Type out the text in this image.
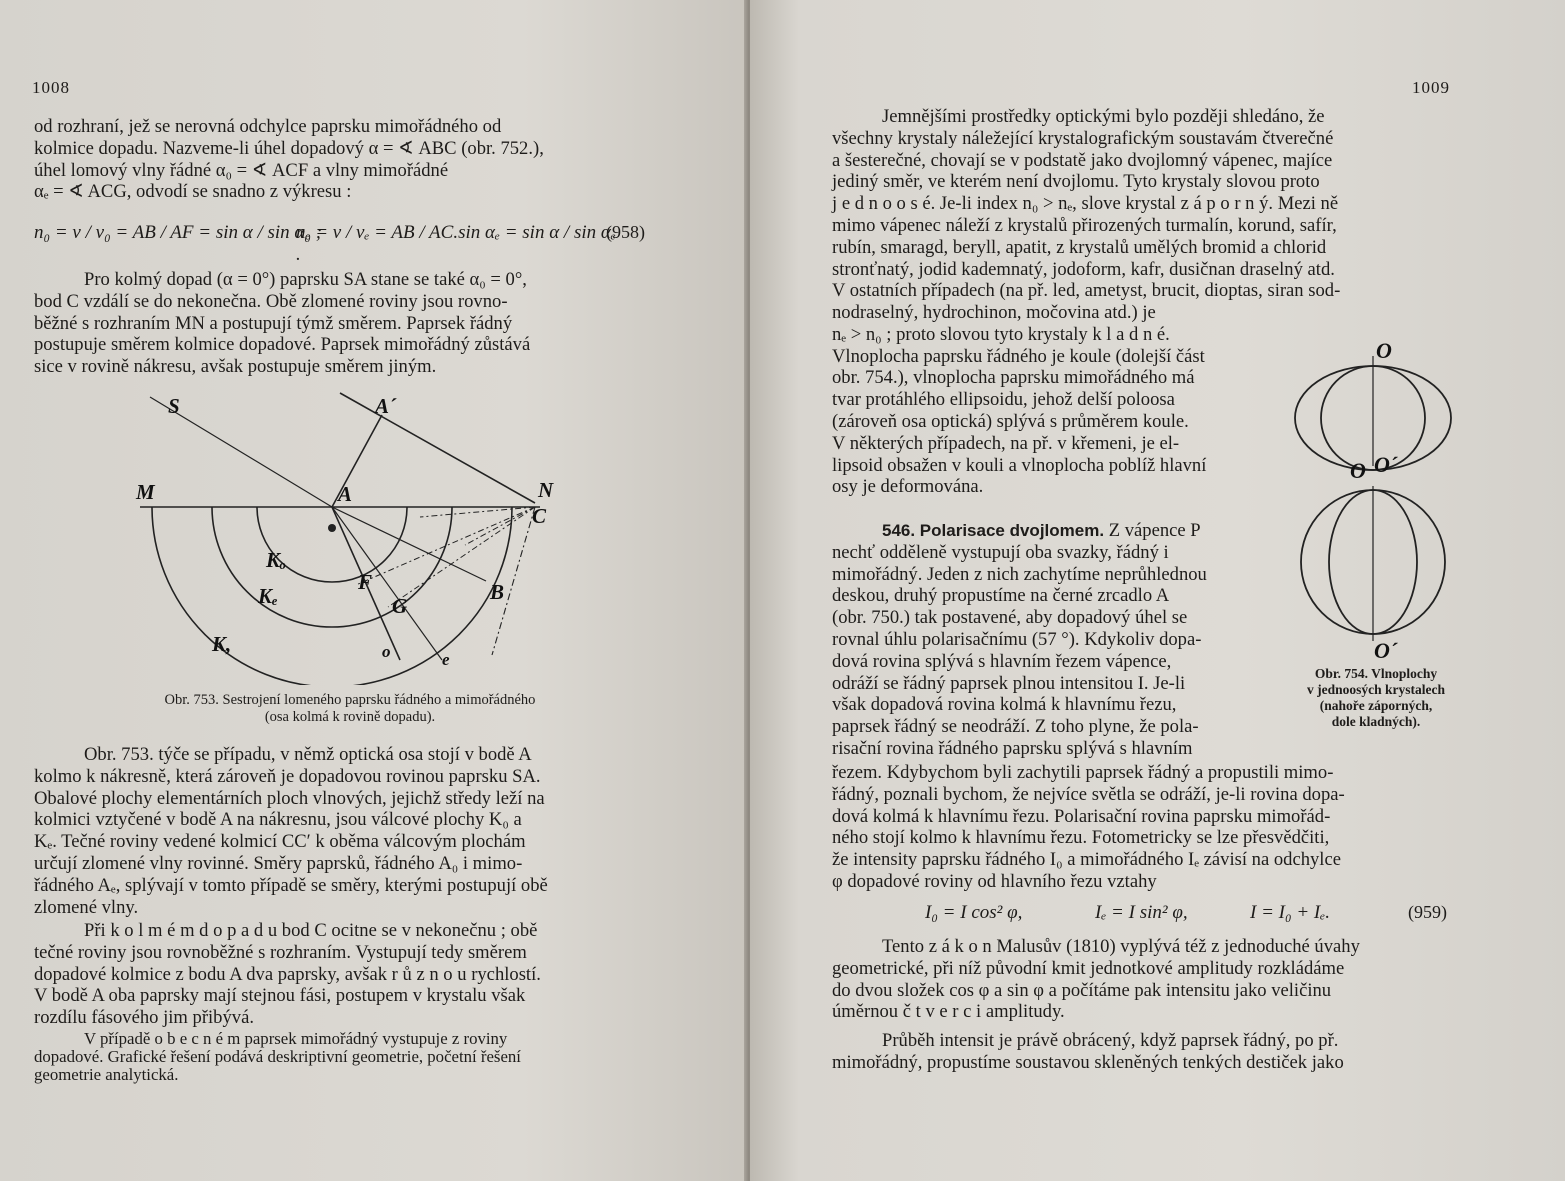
1008

od rozhraní, jež se nerovná odchylce paprsku mimořádného od

kolmice dopadu. Nazveme-li úhel dopadový α = ∢ ABC (obr. 752.),

úhel lomový vlny řádné α₀ = ∢ ACF a vlny mimořádné

αₑ = ∢ ACG, odvodí se snadno z výkresu :

n₀ = v / v₀ = AB / AF = sin α / sin α₀ ;
nₑ = v / vₑ = AB / AC.sin αₑ = sin α / sin αₑ .
(958)

Pro kolmý dopad (α = 0°) paprsku SA stane se také α₀ = 0°,

bod C vzdálí se do nekonečna. Obě zlomené roviny jsou rovno-

běžné s rozhraním MN a postupují týmž směrem. Paprsek řádný

postupuje směrem kolmice dopadové. Paprsek mimořádný zůstává

sice v rovině nákresu, avšak postupuje směrem jiným.

S	A´
M	A	N
C
B
F
G
o	e
Kₒ
Kₑ
K,
Obr. 753. Sestrojení lomeného paprsku řádného a mimořádného
(osa kolmá k rovině dopadu).

Obr. 753. týče se případu, v němž optická osa stojí v bodě A

kolmo k nákresně, která zároveň je dopadovou rovinou paprsku SA.

Obalové plochy elementárních ploch vlnových, jejichž středy leží na

kolmici vztyčené v bodě A na nákresnu, jsou válcové plochy K₀ a

Kₑ. Tečné roviny vedené kolmicí CC′ k oběma válcovým plochám

určují zlomené vlny rovinné. Směry paprsků, řádného A₀ i mimo-

řádného Aₑ, splývají v tomto případě se směry, kterými postupují obě

zlomené vlny.

Při k o l m é m d o p a d u bod C ocitne se v nekonečnu ; obě

tečné roviny jsou rovnoběžné s rozhraním. Vystupují tedy směrem

dopadové kolmice z bodu A dva paprsky, avšak r ů z n o u rychlostí.

V bodě A oba paprsky mají stejnou fási, postupem v krystalu však

rozdílu fásového jim přibývá.

V případě o b e c n é m paprsek mimořádný vystupuje z roviny

dopadové. Grafické řešení podává deskriptivní geometrie, početní řešení

geometrie analytická.

1009

Jemnějšími prostředky optickými bylo později shledáno, že

všechny krystaly náležející krystalografickým soustavám čtverečné

a šesterečné, chovají se v podstatě jako dvojlomný vápenec, majíce

jediný směr, ve kterém není dvojlomu. Tyto krystaly slovou proto

j e d n o o s é. Je-li index n₀ > nₑ, slove krystal z á p o r n ý. Mezi ně

mimo vápenec náleží z krystalů přirozených turmalín, korund, safír,

rubín, smaragd, beryll, apatit, z krystalů umělých bromid a chlorid

stronťnatý, jodid kademnatý, jodoform, kafr, dusičnan draselný atd.

V ostatních případech (na př. led, ametyst, brucit, dioptas, siran sod-

nodraselný, hydrochinon, močovina atd.) je

nₑ > n₀ ; proto slovou tyto krystaly k l a d n é.

Vlnoplocha paprsku řádného je koule (dolejší část

obr. 754.), vlnoplocha paprsku mimořádného má

tvar protáhlého ellipsoidu, jehož delší poloosa

(zároveň osa optická) splývá s průměrem koule.

V některých případech, na př. v křemeni, je el-

lipsoid obsažen v kouli a vlnoplocha poblíž hlavní

osy je deformována.

546. Polarisace dvojlomem. Z vápence P

nechť odděleně vystupují oba svazky, řádný i

mimořádný. Jeden z nich zachytíme neprůhlednou

deskou, druhý propustíme na černé zrcadlo A

(obr. 750.) tak postavené, aby dopadový úhel se

rovnal úhlu polarisačnímu (57 °). Kdykoliv dopa-

dová rovina splývá s hlavním řezem vápence,

odráží se řádný paprsek plnou intensitou I. Je-li

však dopadová rovina kolmá k hlavnímu řezu,

paprsek řádný se neodráží. Z toho plyne, že pola-

risační rovina řádného paprsku splývá s hlavním

O
O O´
O´
Obr. 754. Vlnoplochy
v jednoosých krystalech
(nahoře záporných,
dole kladných).

řezem. Kdybychom byli zachytili paprsek řádný a propustili mimo-

řádný, poznali bychom, že nejvíce světla se odráží, je-li rovina dopa-

dová kolmá k hlavnímu řezu. Polarisační rovina paprsku mimořád-

ného stojí kolmo k hlavnímu řezu. Fotometricky se lze přesvědčiti,

že intensity paprsku řádného I₀ a mimořádného Iₑ závisí na odchylce

φ dopadové roviny od hlavního řezu vztahy

I₀ = I cos² φ,	Iₑ = I sin² φ,	I = I₀ + Iₑ.	(959)

Tento z á k o n Malusův (1810) vyplývá též z jednoduché úvahy

geometrické, při níž původní kmit jednotkové amplitudy rozkládáme

do dvou složek cos φ a sin φ a počítáme pak intensitu jako veličinu

úměrnou č t v e r c i amplitudy.

Průběh intensit je právě obrácený, když paprsek řádný, po př.

mimořádný, propustíme soustavou skleněných tenkých destiček jako
